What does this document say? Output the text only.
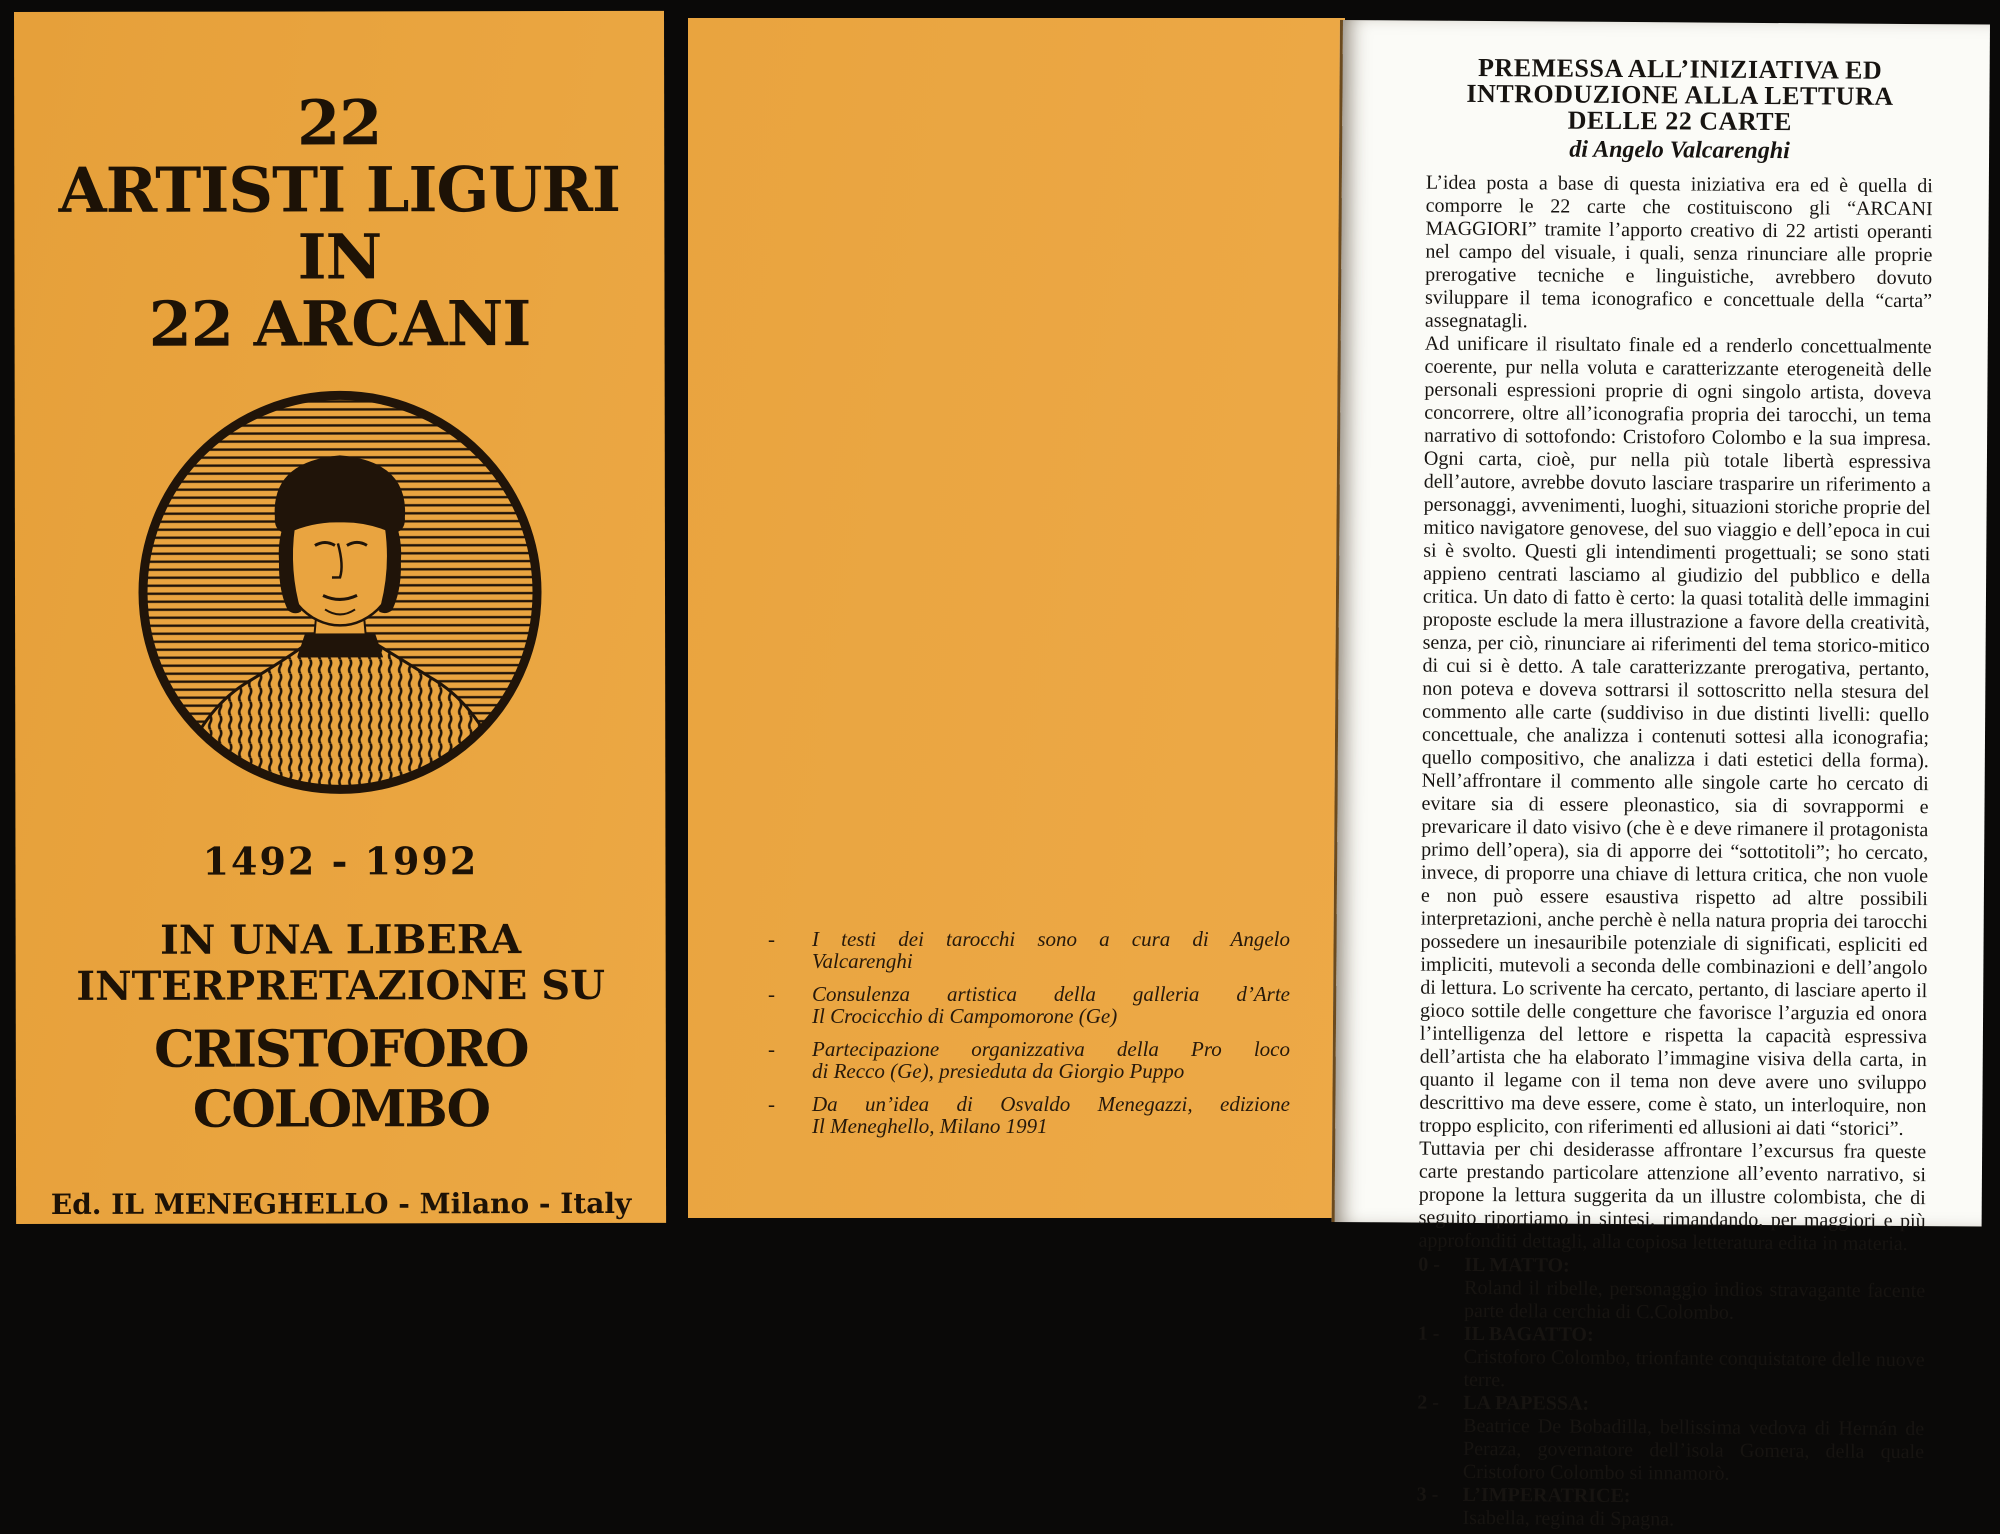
22
ARTISTI LIGURI
IN
22 ARCANI
1492 - 1992
IN UNA LIBERA
INTERPRETAZIONE SU
CRISTOFORO COLOMBO
Ed. IL MENEGHELLO - Milano - Italy
-	I testi dei tarocchi sono a cura di Angelo
Valcarenghi
-	Consulenza artistica della galleria d’Arte
Il Crocicchio di Campomorone (Ge)
-	Partecipazione organizzativa della Pro loco
di Recco (Ge), presieduta da Giorgio Puppo
-	Da un’idea di Osvaldo Menegazzi, edizione
Il Meneghello, Milano 1991
PREMESSA ALL’INIZIATIVA ED
INTRODUZIONE ALLA LETTURA
DELLE 22 CARTE
di Angelo Valcarenghi

L’idea posta a base di questa iniziativa era ed è quella di comporre le 22 carte che costituiscono gli “ARCANI MAGGIORI” tramite l’apporto creativo di 22 artisti operanti nel campo del visuale, i quali, senza rinunciare alle proprie prerogative tecniche e linguistiche, avrebbero dovuto sviluppare il tema iconografico e concettuale della “carta” assegnatagli.

Ad unificare il risultato finale ed a renderlo concettualmente coerente, pur nella voluta e caratterizzante eterogeneità delle personali espressioni proprie di ogni singolo artista, doveva concorrere, oltre all’iconografia propria dei tarocchi, un tema narrativo di sottofondo: Cristoforo Colombo e la sua impresa. Ogni carta, cioè, pur nella più totale libertà espressiva dell’autore, avrebbe dovuto lasciare trasparire un riferimento a personaggi, avvenimenti, luoghi, situazioni storiche proprie del mitico navigatore genovese, del suo viaggio e dell’epoca in cui si è svolto. Questi gli intendimenti progettuali; se sono stati appieno centrati lasciamo al giudizio del pubblico e della critica. Un dato di fatto è certo: la quasi totalità delle immagini proposte esclude la mera illustrazione a favore della creatività, senza, per ciò, rinunciare ai riferimenti del tema storico-mitico di cui si è detto. A tale caratterizzante prerogativa, pertanto, non poteva e doveva sottrarsi il sottoscritto nella stesura del commento alle carte (suddiviso in due distinti livelli: quello concettuale, che analizza i contenuti sottesi alla iconografia; quello compositivo, che analizza i dati estetici della forma). Nell’affrontare il commento alle singole carte ho cercato di evitare sia di essere pleonastico, sia di sovrappormi e prevaricare il dato visivo (che è e deve rimanere il protagonista primo dell’opera), sia di apporre dei “sottotitoli”; ho cercato, invece, di proporre una chiave di lettura critica, che non vuole e non può essere esaustiva rispetto ad altre possibili interpretazioni, anche perchè è nella natura propria dei tarocchi possedere un inesauribile potenziale di significati, espliciti ed impliciti, mutevoli a seconda delle combinazioni e dell’angolo di lettura. Lo scrivente ha cercato, pertanto, di lasciare aperto il gioco sottile delle congetture che favorisce l’arguzia ed onora l’intelligenza del lettore e rispetta la capacità espressiva dell’artista che ha elaborato l’immagine visiva della carta, in quanto il legame con il tema non deve avere uno sviluppo descrittivo ma deve essere, come è stato, un interloquire, non troppo esplicito, con riferimenti ed allusioni ai dati “storici”.

Tuttavia per chi desiderasse affrontare l’excursus fra queste carte prestando particolare attenzione all’evento narrativo, si propone la lettura suggerita da un illustre colombista, che di seguito riportiamo in sintesi, rimandando, per maggiori e più approfonditi dettagli, alla copiosa letteratura edita in materia.

0 -	IL MATTO:
Roland il ribelle, personaggio indios stravagante facente parte della cerchia di C.Colombo.
1 -	IL BAGATTO:
Cristoforo Colombo, trionfante conquistatore delle nuove terre.
2 -	LA PAPESSA:
Beatrice De Bobadilla, bellissima vedova di Hernán de Peraza, governatore dell’isola Gomera, della quale Cristoforo Colombo si innamorò.
3 -	L’IMPERATRICE:
Isabella, regina di Spagna.
